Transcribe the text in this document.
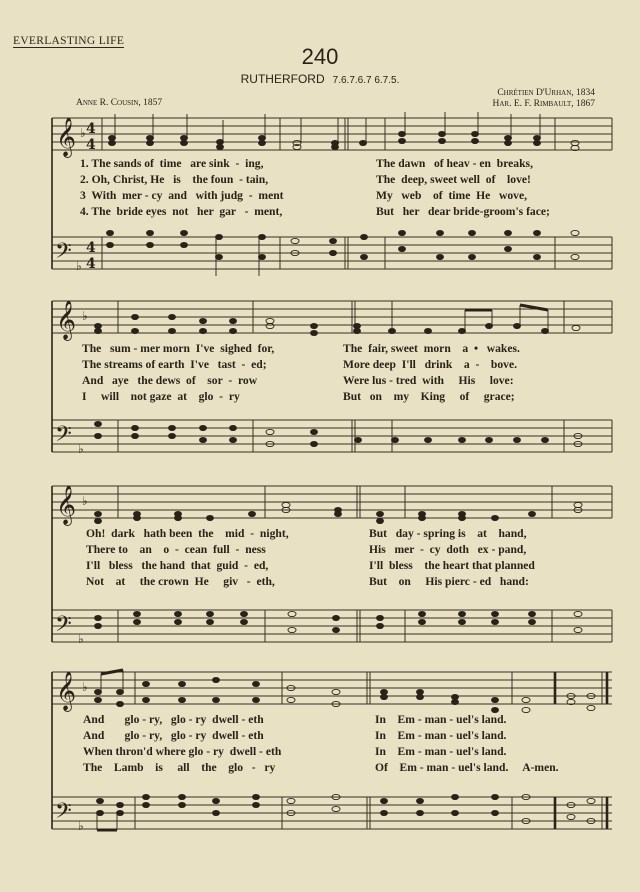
EVERLASTING LIFE
240
RUTHERFORD 7.6.7.6.7 6.7.5.
Anne R. Cousin, 1857
Chrétien D'Urhan, 1834
Har. E. F. Rimbault, 1867
𝄞 ♭ 4
4
𝄢 ♭
4
4
𝄞 ♭
𝄢 ♭
𝄞 ♭
𝄢 ♭
𝄞 ♭
𝄢 ♭
1. The sands of  time   are sink  -  ing,	The dawn   of heav - en  breaks,
2. Oh, Christ, He   is    the foun  - tain,	The  deep, sweet well  of    love!
3  With  mer - cy  and   with judg  -  ment	My   web    of  time  He   wove,
4. The  bride eyes  not   her  gar   -  ment,	But   her   dear bride-groom's face;
The   sum - mer morn  I've  sighed  for,	The  fair, sweet  morn    a  •   wakes.
The streams of earth  I've   tast  -  ed;	More deep  I'll   drink    a  -    bove.
And   aye   the dews  of    sor  -  row	Were lus - tred  with     His     love:
I     will    not gaze  at    glo  -  ry	But   on    my    King     of     grace;
Oh!  dark   hath been  the    mid  -  night,	But   day - spring is    at    hand,
There to    an    o  -  cean  full  -  ness	His   mer  -  cy  doth   ex - pand,
I'll   bless   the hand  that  guid  -  ed,	I'll  bless    the heart that planned
Not    at     the crown  He     giv   -  eth,	But    on     His pierc - ed   hand:
And       glo - ry,   glo - ry  dwell - eth	In    Em - man - uel's land.
And       glo - ry,   glo - ry  dwell - eth	In    Em - man - uel's land.
When thron'd where glo - ry  dwell - eth	In    Em - man - uel's land.
The    Lamb    is     all    the    glo   -   ry	Of    Em - man - uel's land.     A-men.
